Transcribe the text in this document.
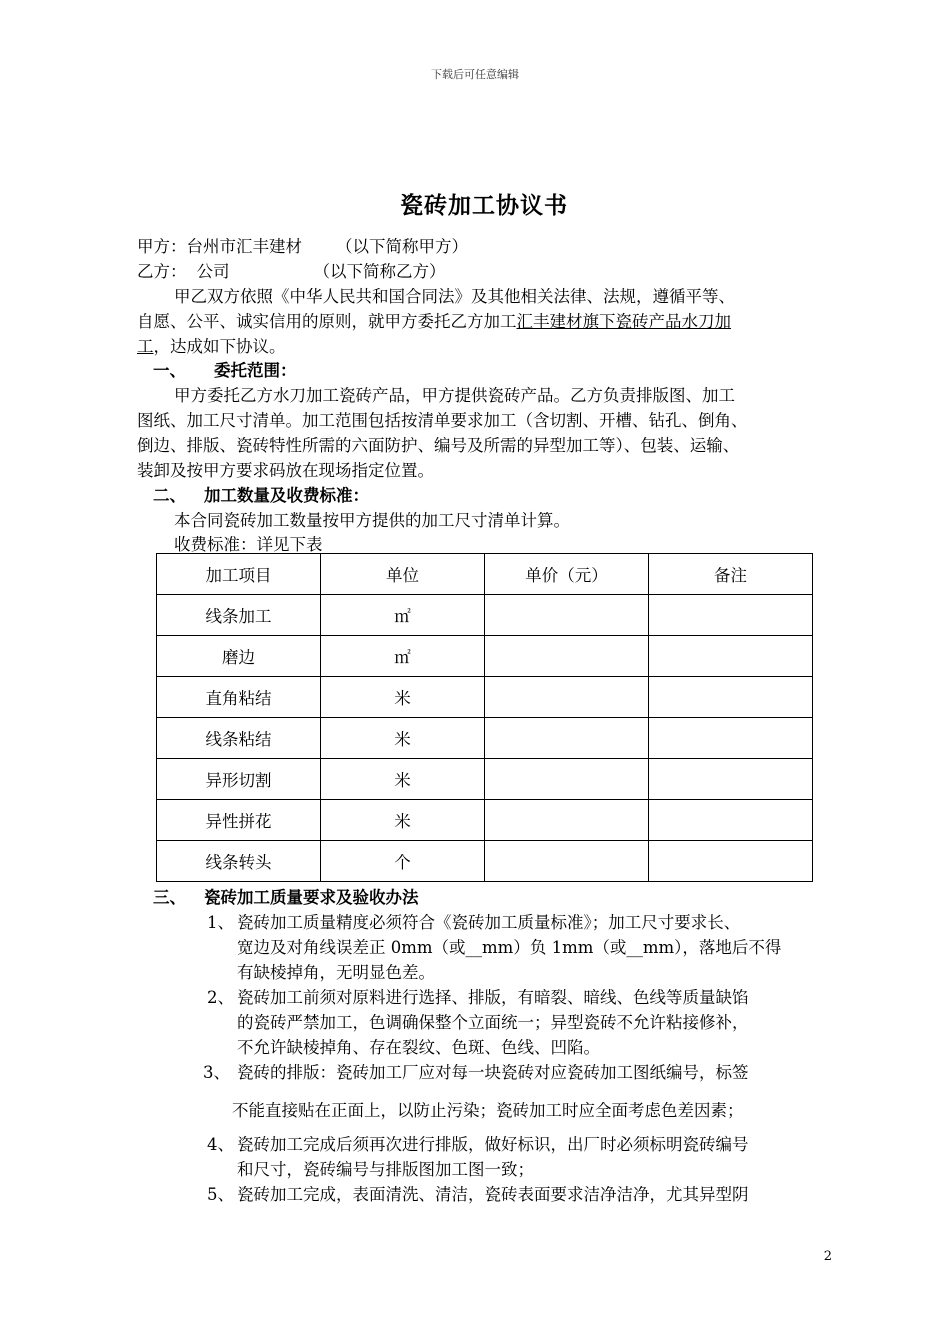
下载后可任意编辑
瓷砖加工协议书
甲方：台州市汇丰建材 （以下简称甲方）
乙方： 公司	（以下简称乙方）
甲乙双方依照《中华人民共和国合同法》及其他相关法律、法规，遵循平等、
自愿、公平、诚实信用的原则，就甲方委托乙方加工汇丰建材旗下瓷砖产品水刀加
工，达成如下协议。
一、 委托范围：
甲方委托乙方水刀加工瓷砖产品，甲方提供瓷砖产品。乙方负责排版图、加工
图纸、加工尺寸清单。加工范围包括按清单要求加工（含切割、开槽、钻孔、倒角、
倒边、排版、瓷砖特性所需的六面防护、编号及所需的异型加工等）、包装、运输、
装卸及按甲方要求码放在现场指定位置。
二、 加工数量及收费标准：
本合同瓷砖加工数量按甲方提供的加工尺寸清单计算。
收费标准：详见下表
加工项目	单位	单价（元）	备注
线条加工	㎡		
磨边	㎡		
直角粘结	米		
线条粘结	米		
异形切割	米		
异性拼花	米		
线条转头	个		
三、 瓷砖加工质量要求及验收办法
1、 瓷砖加工质量精度必须符合《瓷砖加工质量标准》；加工尺寸要求长、
宽边及对角线误差正 0mm（或__mm）负 1mm（或__mm），落地后不得
有缺棱掉角，无明显色差。
2、 瓷砖加工前须对原料进行选择、排版，有暗裂、暗线、色线等质量缺馅
的瓷砖严禁加工，色调确保整个立面统一；异型瓷砖不允许粘接修补，
不允许缺棱掉角、存在裂纹、色斑、色线、凹陷。
3、 瓷砖的排版：瓷砖加工厂应对每一块瓷砖对应瓷砖加工图纸编号，标签
不能直接贴在正面上，以防止污染；瓷砖加工时应全面考虑色差因素；
4、 瓷砖加工完成后须再次进行排版，做好标识，出厂时必须标明瓷砖编号
和尺寸，瓷砖编号与排版图加工图一致；
5、 瓷砖加工完成，表面清洗、清洁，瓷砖表面要求洁净洁净，尤其异型阴
2
